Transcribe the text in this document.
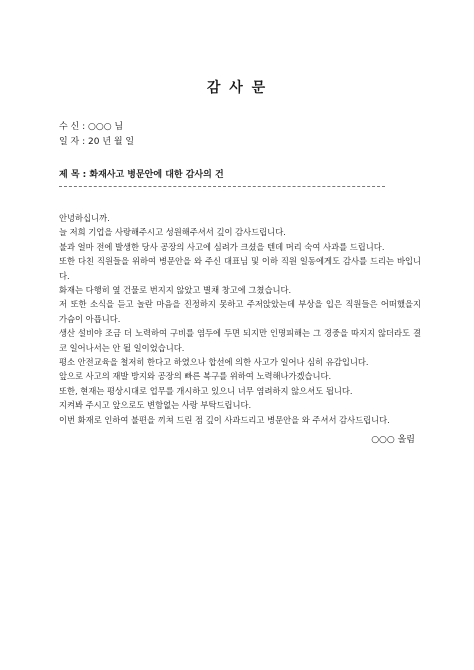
감 사 문
수 신 : ○○○ 님
일 자 : 20 년 월 일
제 목 : 화재사고 병문안에 대한 감사의 건

안녕하십니까.

늘 저희 기업을 사랑해주시고 성원해주셔서 깊이 감사드립니다.

불과 얼마 전에 발생한 당사 공장의 사고에 심려가 크셨을 텐데 머리 숙여 사과를 드립니다.

또한 다친 직원들을 위하여 병문안을 와 주신 대표님 및 이하 직원 일동에게도 감사를 드리는 바입니다.

화재는 다행히 옆 건물로 번지지 않았고 별채 창고에 그쳤습니다.

저 또한 소식을 듣고 놀란 마음을 진정하지 못하고 주저앉았는데 부상을 입은 직원들은 어떠했을지 가슴이 아픕니다.

생산 설비야 조금 더 노력하여 구비를 염두에 두면 되지만 인명피해는 그 경중을 따지지 않더라도 결코 일어나서는 안 될 일이었습니다.

평소 안전교육을 철저히 한다고 하였으나 합선에 의한 사고가 일어나 심히 유감입니다.

앞으로 사고의 재발 방지와 공장의 빠른 복구를 위하여 노력해나가겠습니다.

또한, 현재는 평상시대로 업무를 개시하고 있으니 너무 염려하지 않으셔도 됩니다.

지켜봐 주시고 앞으로도 변함없는 사랑 부탁드립니다.

이번 화재로 인하여 불편을 끼쳐 드린 점 깊이 사과드리고 병문안을 와 주셔서 감사드립니다.

○○○ 올림
